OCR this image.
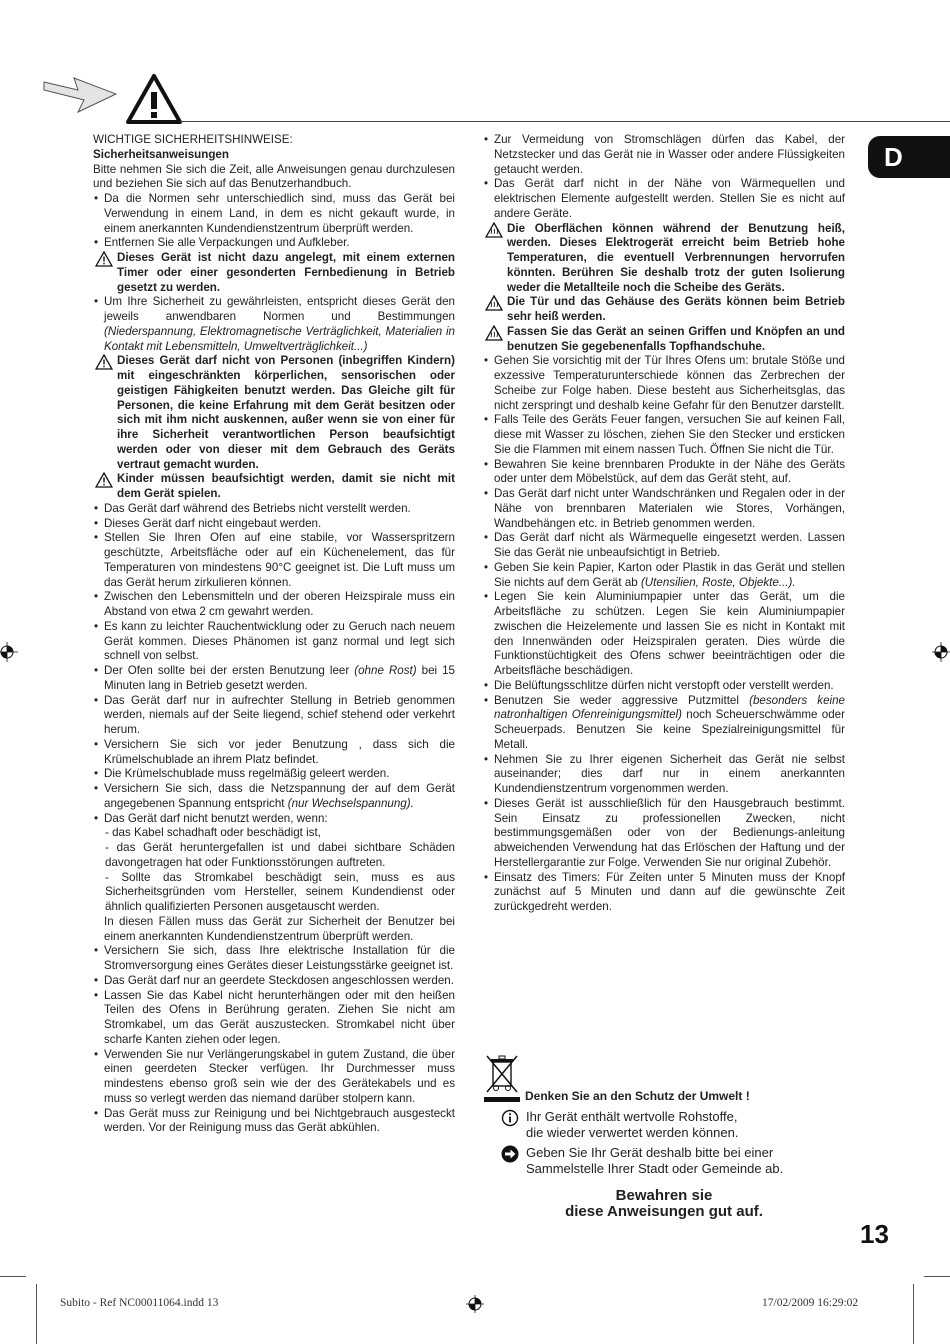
D

WICHTIGE SICHERHEITSHINWEISE:

Sicherheitsanweisungen

Bitte nehmen Sie sich die Zeit, alle Anweisungen genau durchzulesen und beziehen Sie sich auf das Benutzerhandbuch.

• Da die Normen sehr unterschiedlich sind, muss das Gerät bei Verwendung in einem Land, in dem es nicht gekauft wurde, in einem anerkannten Kundendienstzentrum überprüft werden.

• Entfernen Sie alle Verpackungen und Aufkleber.

Dieses Gerät ist nicht dazu angelegt, mit einem externen Timer oder einer gesonderten Fernbedienung in Betrieb gesetzt zu werden.

• Um Ihre Sicherheit zu gewährleisten, entspricht dieses Gerät den jeweils anwendbaren Normen und Bestimmungen (Niederspannung, Elektromagnetische Verträglichkeit, Materialien in Kontakt mit Lebensmitteln, Umweltverträglichkeit...)

Dieses Gerät darf nicht von Personen (inbegriffen Kindern) mit eingeschränkten körperlichen, sensorischen oder geistigen Fähigkeiten benutzt werden. Das Gleiche gilt für Personen, die keine Erfahrung mit dem Gerät besitzen oder sich mit ihm nicht auskennen, außer wenn sie von einer für ihre Sicherheit verantwortlichen Person beaufsichtigt werden oder von dieser mit dem Gebrauch des Geräts vertraut gemacht wurden.

Kinder müssen beaufsichtigt werden, damit sie nicht mit dem Gerät spielen.

• Das Gerät darf während des Betriebs nicht verstellt werden.

• Dieses Gerät darf nicht eingebaut werden.

• Stellen Sie Ihren Ofen auf eine stabile, vor Wasserspritzern geschützte, Arbeitsfläche oder auf ein Küchenelement, das für Temperaturen von mindestens 90°C geeignet ist. Die Luft muss um das Gerät herum zirkulieren können.

• Zwischen den Lebensmitteln und der oberen Heizspirale muss ein Abstand von etwa 2 cm gewahrt werden.

• Es kann zu leichter Rauchentwicklung oder zu Geruch nach neuem Gerät kommen. Dieses Phänomen ist ganz normal und legt sich schnell von selbst.

• Der Ofen sollte bei der ersten Benutzung leer (ohne Rost) bei 15 Minuten lang in Betrieb gesetzt werden.

• Das Gerät darf nur in aufrechter Stellung in Betrieb genommen werden, niemals auf der Seite liegend, schief stehend oder verkehrt herum.

• Versichern Sie sich vor jeder Benutzung , dass sich die Krümelschublade an ihrem Platz befindet.

• Die Krümelschublade muss regelmäßig geleert werden.

• Versichern Sie sich, dass die Netzspannung der auf dem Gerät angegebenen Spannung entspricht (nur Wechselspannung).

• Das Gerät darf nicht benutzt werden, wenn:

- das Kabel schadhaft oder beschädigt ist,

- das Gerät heruntergefallen ist und dabei sichtbare Schäden davongetragen hat oder Funktionsstörungen auftreten.

- Sollte das Stromkabel beschädigt sein, muss es aus Sicherheitsgründen vom Hersteller, seinem Kundendienst oder ähnlich qualifizierten Personen ausgetauscht werden.

In diesen Fällen muss das Gerät zur Sicherheit der Benutzer bei einem anerkannten Kundendienstzentrum überprüft werden.

• Versichern Sie sich, dass Ihre elektrische Installation für die Stromversorgung eines Gerätes dieser Leistungsstärke geeignet ist.

• Das Gerät darf nur an geerdete Steckdosen angeschlossen werden.

• Lassen Sie das Kabel nicht herunterhängen oder mit den heißen Teilen des Ofens in Berührung geraten. Ziehen Sie nicht am Stromkabel, um das Gerät auszustecken. Stromkabel nicht über scharfe Kanten ziehen oder legen.

• Verwenden Sie nur Verlängerungskabel in gutem Zustand, die über einen geerdeten Stecker verfügen. Ihr Durchmesser muss mindestens ebenso groß sein wie der des Gerätekabels und es muss so verlegt werden das niemand darüber stolpern kann.

• Das Gerät muss zur Reinigung und bei Nichtgebrauch ausgesteckt werden. Vor der Reinigung muss das Gerät abkühlen.

• Zur Vermeidung von Stromschlägen dürfen das Kabel, der Netzstecker und das Gerät nie in Wasser oder andere Flüssigkeiten getaucht werden.

• Das Gerät darf nicht in der Nähe von Wärmequellen und elektrischen Elemente aufgestellt werden. Stellen Sie es nicht auf andere Geräte.

Die Oberflächen können während der Benutzung heiß, werden. Dieses Elektrogerät erreicht beim Betrieb hohe Temperaturen, die eventuell Verbrennungen hervorrufen könnten. Berühren Sie deshalb trotz der guten Isolierung weder die Metallteile noch die Scheibe des Geräts.

Die Tür und das Gehäuse des Geräts können beim Betrieb sehr heiß werden.

Fassen Sie das Gerät an seinen Griffen und Knöpfen an und benutzen Sie gegebenenfalls Topfhandschuhe.

• Gehen Sie vorsichtig mit der Tür Ihres Ofens um: brutale Stöße und exzessive Temperaturunterschiede können das Zerbrechen der Scheibe zur Folge haben. Diese besteht aus Sicherheitsglas, das nicht zerspringt und deshalb keine Gefahr für den Benutzer darstellt.

• Falls Teile des Geräts Feuer fangen, versuchen Sie auf keinen Fall, diese mit Wasser zu löschen, ziehen Sie den Stecker und ersticken Sie die Flammen mit einem nassen Tuch. Öffnen Sie nicht die Tür.

• Bewahren Sie keine brennbaren Produkte in der Nähe des Geräts oder unter dem Möbelstück, auf dem das Gerät steht, auf.

• Das Gerät darf nicht unter Wandschränken und Regalen oder in der Nähe von brennbaren Materialen wie Stores, Vorhängen, Wandbehängen etc. in Betrieb genommen werden.

• Das Gerät darf nicht als Wärmequelle eingesetzt werden. Lassen Sie das Gerät nie unbeaufsichtigt in Betrieb.

• Geben Sie kein Papier, Karton oder Plastik in das Gerät und stellen Sie nichts auf dem Gerät ab (Utensilien, Roste, Objekte...).

• Legen Sie kein Aluminiumpapier unter das Gerät, um die Arbeitsfläche zu schützen. Legen Sie kein Aluminiumpapier zwischen die Heizelemente und lassen Sie es nicht in Kontakt mit den Innenwänden oder Heizspiralen geraten. Dies würde die Funktionstüchtigkeit des Ofens schwer beeinträchtigen oder die Arbeitsfläche beschädigen.

• Die Belüftungsschlitze dürfen nicht verstopft oder verstellt werden.

• Benutzen Sie weder aggressive Putzmittel (besonders keine natronhaltigen Ofenreinigungsmittel) noch Scheuerschwämme oder Scheuerpads. Benutzen Sie keine Spezialreinigungsmittel für Metall.

• Nehmen Sie zu Ihrer eigenen Sicherheit das Gerät nie selbst auseinander; dies darf nur in einem anerkannten Kundendienstzentrum vorgenommen werden.

• Dieses Gerät ist ausschließlich für den Hausgebrauch bestimmt. Sein Einsatz zu professionellen Zwecken, nicht bestimmungsgemäßen oder von der Bedienungs-anleitung abweichenden Verwendung hat das Erlöschen der Haftung und der Herstellergarantie zur Folge. Verwenden Sie nur original Zubehör.

• Einsatz des Timers: Für Zeiten unter 5 Minuten muss der Knopf zunächst auf 5 Minuten und dann auf die gewünschte Zeit zurückgedreht werden.

Denken Sie an den Schutz der Umwelt !
Ihr Gerät enthält wertvolle Rohstoffe,
die wieder verwertet werden können.
Geben Sie Ihr Gerät deshalb bitte bei einer
Sammelstelle Ihrer Stadt oder Gemeinde ab.
Bewahren sie
diese Anweisungen gut auf.
13
Subito - Ref NC00011064.indd 13	17/02/2009 16:29:02
